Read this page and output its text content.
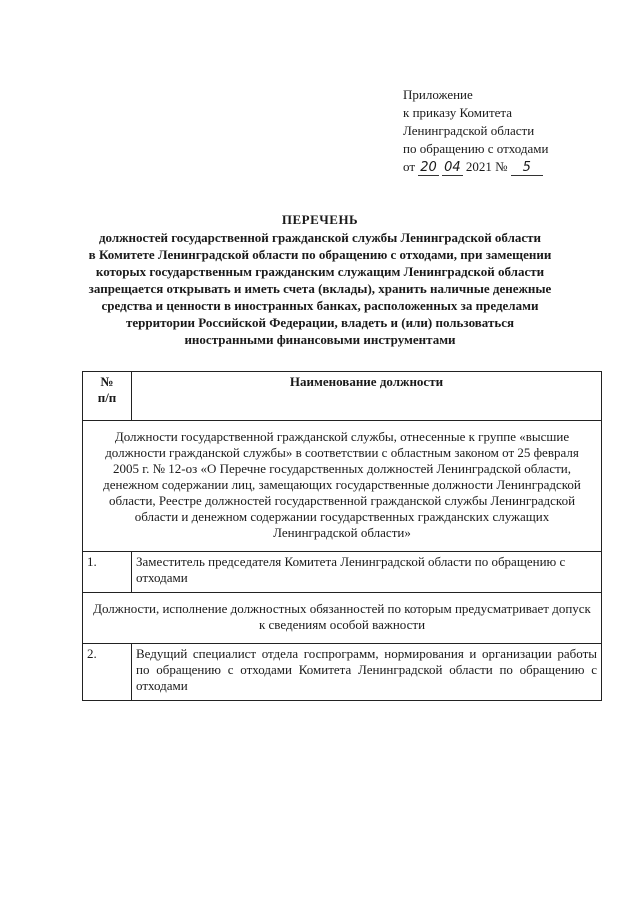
Приложение
к приказу Комитета
Ленинградской области
по обращению с отходами
от 20 04 2021 № 5
ПЕРЕЧЕНЬ
должностей государственной гражданской службы Ленинградской области
в Комитете Ленинградской области по обращению с отходами, при замещении
которых государственным гражданским служащим Ленинградской области
запрещается открывать и иметь счета (вклады), хранить наличные денежные
средства и ценности в иностранных банках, расположенных за пределами
территории Российской Федерации, владеть и (или) пользоваться
иностранными финансовыми инструментами
№
п/п	Наименование должности
Должности государственной гражданской службы, отнесенные к группе «высшие должности гражданской службы» в соответствии с областным законом от 25 февраля 2005 г. № 12-оз «О Перечне государственных должностей Ленинградской области, денежном содержании лиц, замещающих государственные должности Ленинградской области, Реестре должностей государственной гражданской службы Ленинградской области и денежном содержании государственных гражданских служащих Ленинградской области»	
1.	Заместитель председателя Комитета Ленинградской области по обращению с отходами
Должности, исполнение должностных обязанностей по которым предусматривает допуск к сведениям особой важности	
2.	Ведущий специалист отдела госпрограмм, нормирования и организации работы по обращению с отходами Комитета Ленинградской области по обращению с отходами
